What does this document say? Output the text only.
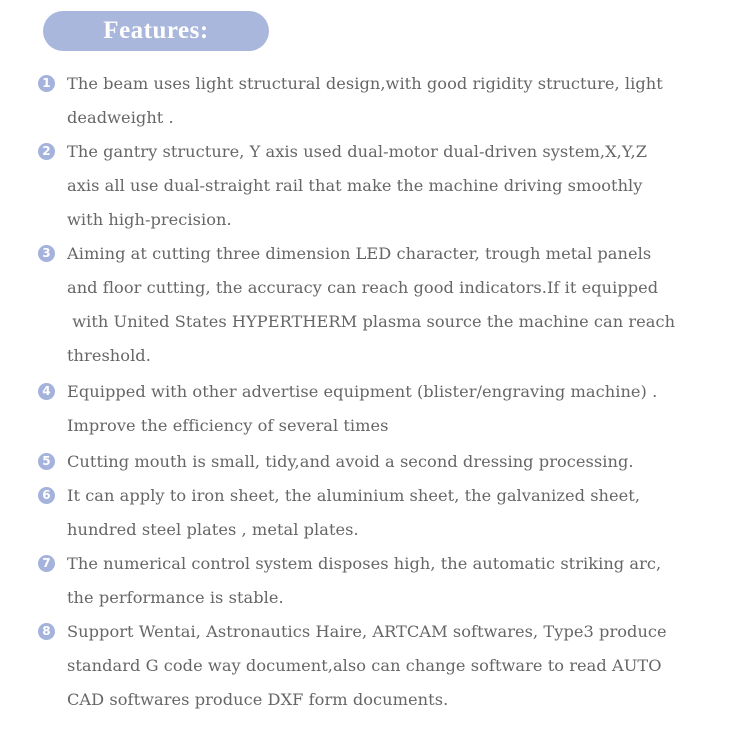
Features:
1 The beam uses light structural design,with good rigidity structure, light
deadweight .
2 The gantry structure, Y axis used dual-motor dual-driven system,X,Y,Z
axis all use dual-straight rail that make the machine driving smoothly
with high-precision.
3 Aiming at cutting three dimension LED character, trough metal panels
and floor cutting, the accuracy can reach good indicators.If it equipped
with United States HYPERTHERM plasma source the machine can reach
threshold.
4 Equipped with other advertise equipment (blister/engraving machine) .
Improve the efficiency of several times
5 Cutting mouth is small, tidy,and avoid a second dressing processing.
6 It can apply to iron sheet, the aluminium sheet, the galvanized sheet,
hundred steel plates , metal plates.
7 The numerical control system disposes high, the automatic striking arc,
the performance is stable.
8 Support Wentai, Astronautics Haire, ARTCAM softwares, Type3 produce
standard G code way document,also can change software to read AUTO
CAD softwares produce DXF form documents.
